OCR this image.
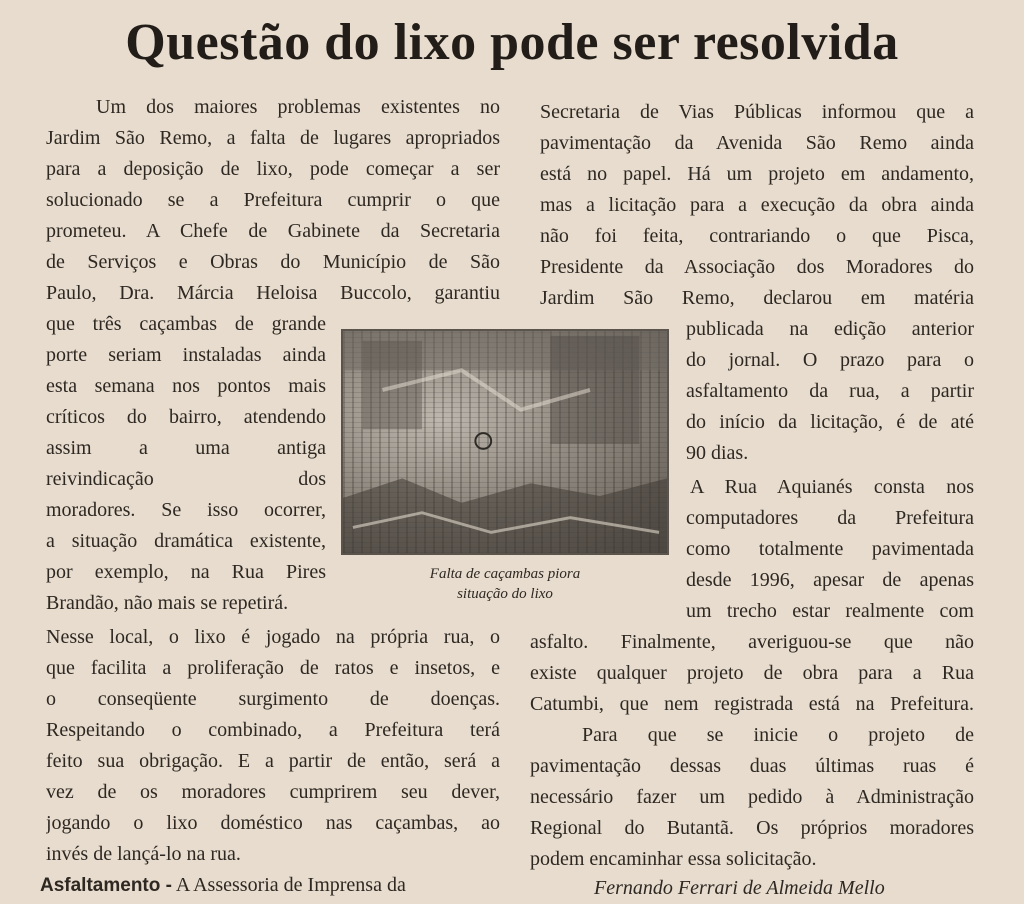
Questão do lixo pode ser resolvida
Um dos maiores problemas existentes no
Jardim São Remo, a falta de lugares apropriados
para a deposição de lixo, pode começar a ser
solucionado se a Prefeitura cumprir o que
prometeu. A Chefe de Gabinete da Secretaria
de Serviços e Obras do Município de São
Paulo, Dra. Márcia Heloisa Buccolo, garantiu
que três caçambas de grande
porte seriam instaladas ainda
esta semana nos pontos mais
críticos do bairro, atendendo
assim a uma antiga
reivindicação dos
moradores. Se isso ocorrer,
a situação dramática existente,
por exemplo, na Rua Pires
Brandão, não mais se repetirá.
Nesse local, o lixo é jogado na própria rua, o
que facilita a proliferação de ratos e insetos, e
o conseqüente surgimento de doenças.
Respeitando o combinado, a Prefeitura terá
feito sua obrigação. E a partir de então, será a
vez de os moradores cumprirem seu dever,
jogando o lixo doméstico nas caçambas, ao
invés de lançá-lo na rua.
Asfaltamento - A Assessoria de Imprensa da
Falta de caçambas piora
situação do lixo
Secretaria de Vias Públicas informou que a
pavimentação da Avenida São Remo ainda
está no papel. Há um projeto em andamento,
mas a licitação para a execução da obra ainda
não foi feita, contrariando o que Pisca,
Presidente da Associação dos Moradores do
Jardim São Remo, declarou em matéria
publicada na edição anterior
do jornal. O prazo para o
asfaltamento da rua, a partir
do início da licitação, é de até
90 dias.
A Rua Aquianés consta nos
computadores da Prefeitura
como totalmente pavimentada
desde 1996, apesar de apenas
um trecho estar realmente com
asfalto. Finalmente, averiguou-se que não
existe qualquer projeto de obra para a Rua
Catumbi, que nem registrada está na Prefeitura.
Para que se inicie o projeto de
pavimentação dessas duas últimas ruas é
necessário fazer um pedido à Administração
Regional do Butantã. Os próprios moradores
podem encaminhar essa solicitação.
Fernando Ferrari de Almeida Mello
